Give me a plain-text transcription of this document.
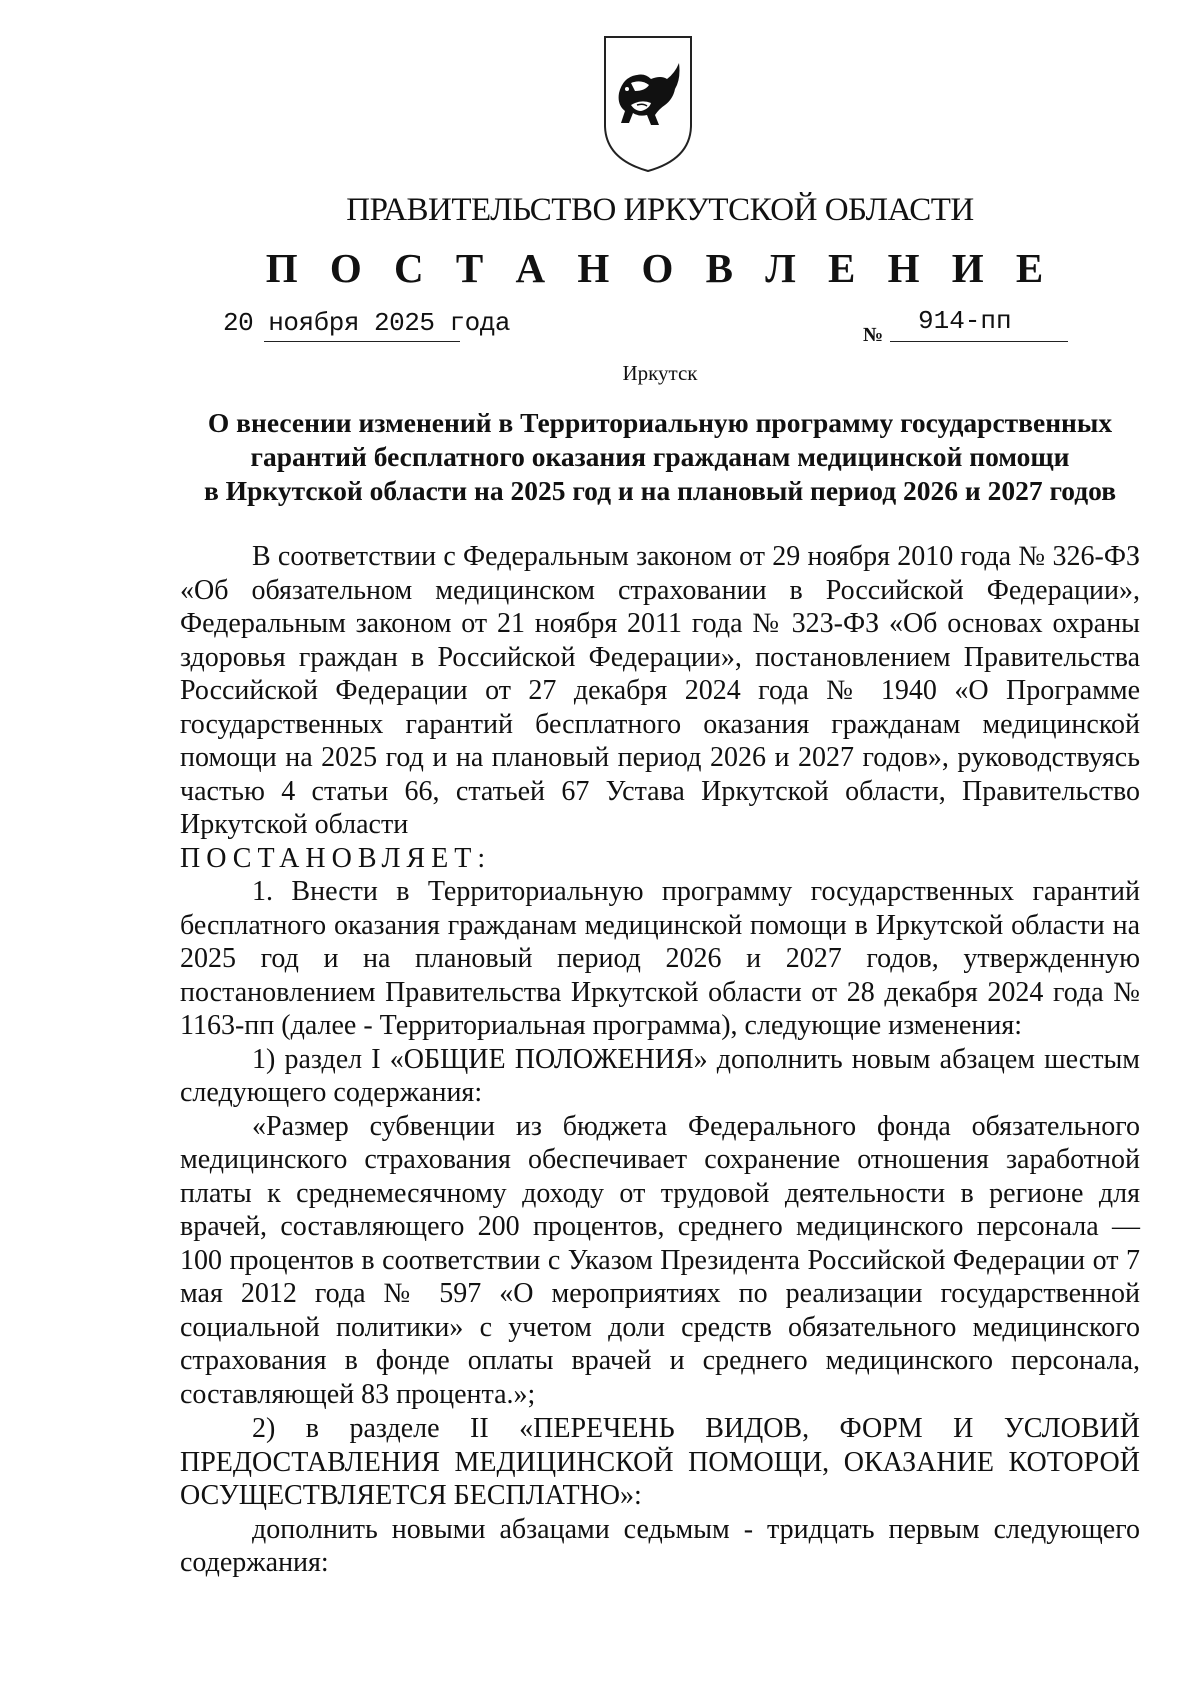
ПРАВИТЕЛЬСТВО ИРКУТСКОЙ ОБЛАСТИ
П О С Т А Н О В Л Е Н И Е
20 ноября 2025 года	№ 914-пп
Иркутск
О внесении изменений в Территориальную программу государственных
гарантий бесплатного оказания гражданам медицинской помощи
в Иркутской области на 2025 год и на плановый период 2026 и 2027 годов

В соответствии с Федеральным законом от 29 ноября 2010 года № 326-ФЗ «Об обязательном медицинском страховании в Российской Федерации», Федеральным законом от 21 ноября 2011 года № 323-ФЗ «Об основах охраны здоровья граждан в Российской Федерации», постановлением Правительства Российской Федерации от 27 декабря 2024 года № 1940 «О Программе государственных гарантий бесплатного оказания гражданам медицинской помощи на 2025 год и на плановый период 2026 и 2027 годов», руководствуясь частью 4 статьи 66, статьей 67 Устава Иркутской области, Правительство Иркутской области

ПОСТАНОВЛЯЕТ:

1. Внести в Территориальную программу государственных гарантий бесплатного оказания гражданам медицинской помощи в Иркутской области на 2025 год и на плановый период 2026 и 2027 годов, утвержденную постановлением Правительства Иркутской области от 28 декабря 2024 года № 1163-пп (далее - Территориальная программа), следующие изменения:

1) раздел I «ОБЩИЕ ПОЛОЖЕНИЯ» дополнить новым абзацем шестым следующего содержания:

«Размер субвенции из бюджета Федерального фонда обязательного медицинского страхования обеспечивает сохранение отношения заработной платы к среднемесячному доходу от трудовой деятельности в регионе для врачей, составляющего 200 процентов, среднего медицинского персонала — 100 процентов в соответствии с Указом Президента Российской Федерации от 7 мая 2012 года № 597 «О мероприятиях по реализации государственной социальной политики» с учетом доли средств обязательного медицинского страхования в фонде оплаты врачей и среднего медицинского персонала, составляющей 83 процента.»;

2) в разделе II «ПЕРЕЧЕНЬ ВИДОВ, ФОРМ И УСЛОВИЙ ПРЕДОСТАВЛЕНИЯ МЕДИЦИНСКОЙ ПОМОЩИ, ОКАЗАНИЕ КОТОРОЙ ОСУЩЕСТВЛЯЕТСЯ БЕСПЛАТНО»:

дополнить новыми абзацами седьмым - тридцать первым следующего содержания:
